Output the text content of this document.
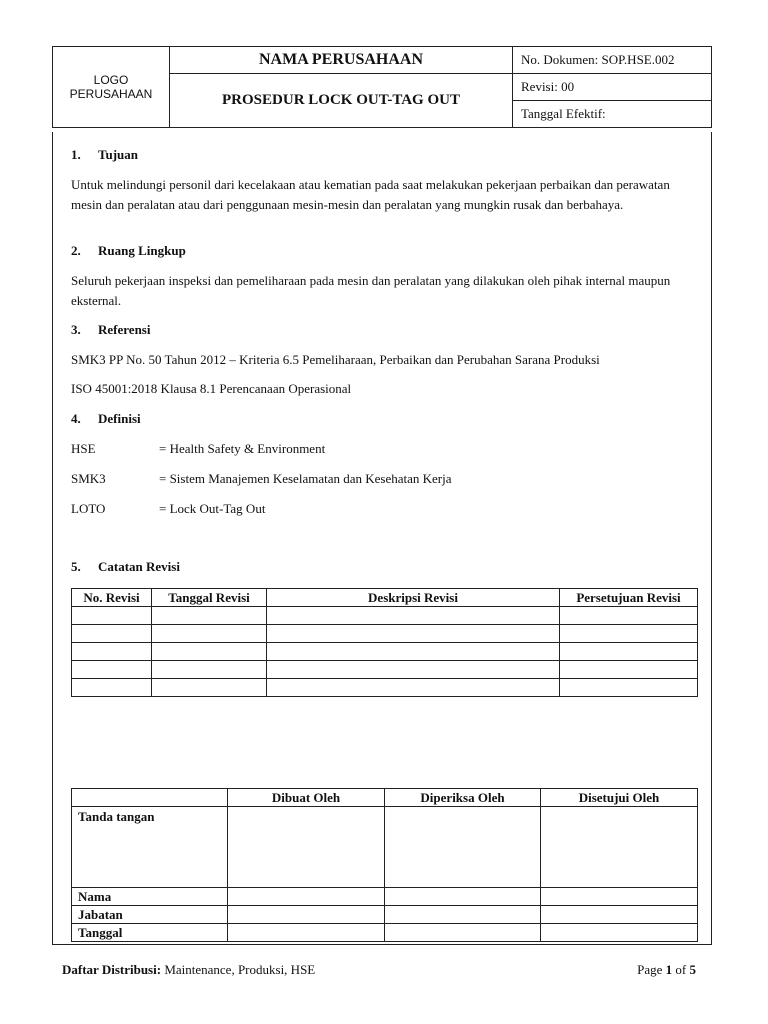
LOGO
PERUSAHAAN	NAMA PERUSAHAAN	No. Dokumen: SOP.HSE.002
	PROSEDUR LOCK OUT-TAG OUT	Revisi: 00
		Tanggal Efektif:
1. Tujuan

Untuk melindungi personil dari kecelakaan atau kematian pada saat melakukan pekerjaan perbaikan dan perawatan mesin dan peralatan atau dari penggunaan mesin-mesin dan peralatan yang mungkin rusak dan berbahaya.

2. Ruang Lingkup

Seluruh pekerjaan inspeksi dan pemeliharaan pada mesin dan peralatan yang dilakukan oleh pihak internal maupun eksternal.

3. Referensi

SMK3 PP No. 50 Tahun 2012 – Kriteria 6.5 Pemeliharaan, Perbaikan dan Perubahan Sarana Produksi

ISO 45001:2018 Klausa 8.1 Perencanaan Operasional

4. Definisi
HSE	= Health Safety & Environment
SMK3	= Sistem Manajemen Keselamatan dan Kesehatan Kerja
LOTO	= Lock Out-Tag Out
5. Catatan Revisi
No. Revisi	Tanggal Revisi	Deskripsi Revisi	Persetujuan Revisi

	Dibuat Oleh	Diperiksa Oleh	Disetujui Oleh
Tanda tangan			
Nama			
Jabatan			
Tanggal			
Daftar Distribusi: Maintenance, Produksi, HSE	Page 1 of 5
